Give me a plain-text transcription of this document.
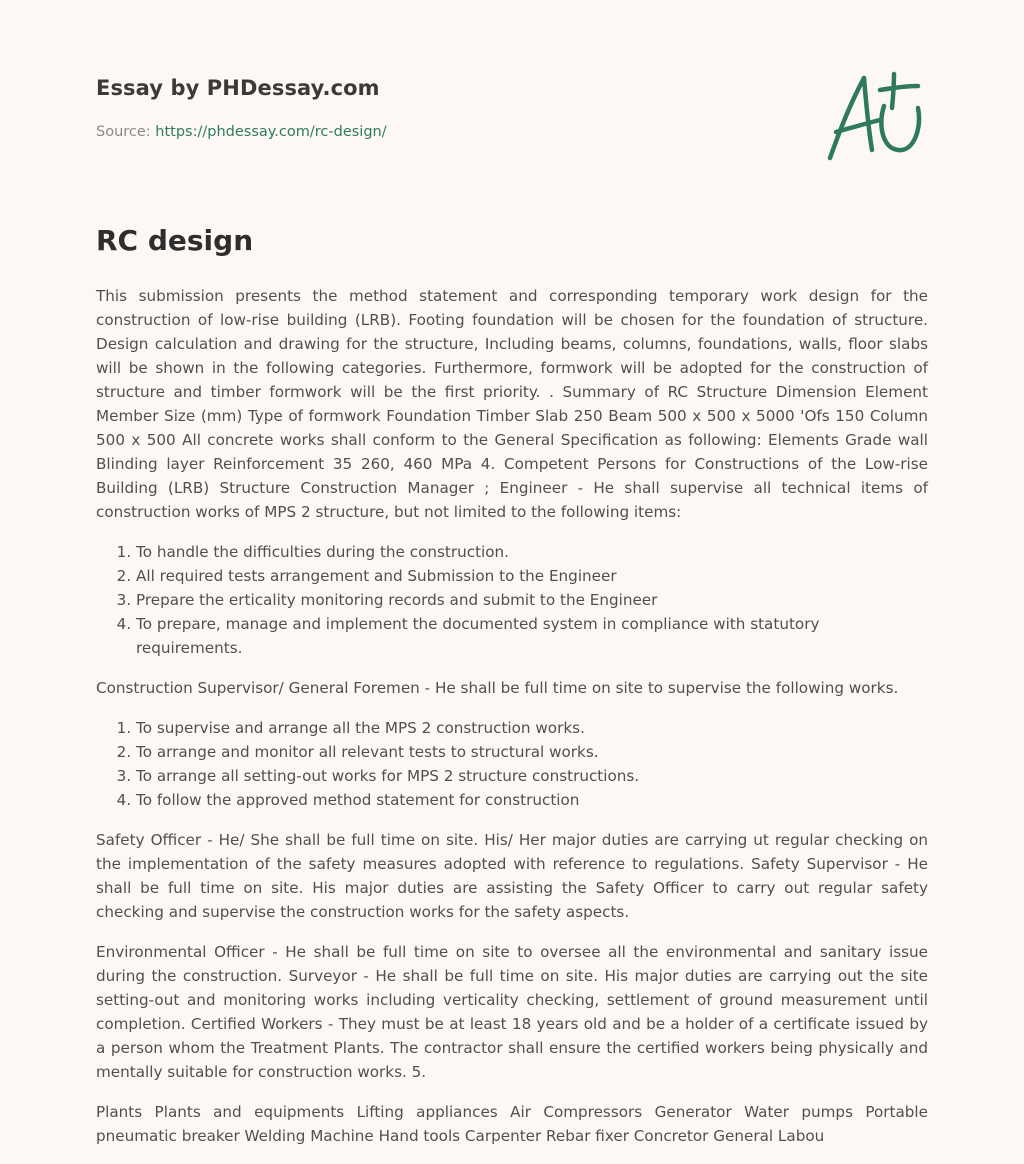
Essay by PHDessay.com
Source: https://phdessay.com/rc-design/
RC design

This submission presents the method statement and corresponding temporary work design for the construction of low-rise building (LRB). Footing foundation will be chosen for the foundation of structure. Design calculation and drawing for the structure, Including beams, columns, foundations, walls, floor slabs will be shown in the following categories. Furthermore, formwork will be adopted for the construction of structure and timber formwork will be the first priority. . Summary of RC Structure Dimension Element Member Size (mm) Type of formwork Foundation Timber Slab 250 Beam 500 x 500 x 5000 'Ofs 150 Column 500 x 500 All concrete works shall conform to the General Specification as following: Elements Grade wall Blinding layer Reinforcement 35 260, 460 MPa 4. Competent Persons for Constructions of the Low-rise Building (LRB) Structure Construction Manager ; Engineer - He shall supervise all technical items of construction works of MPS 2 structure, but not limited to the following items:

1. To handle the difficulties during the construction.
2. All required tests arrangement and Submission to the Engineer
3. Prepare the erticality monitoring records and submit to the Engineer
4. To prepare, manage and implement the documented system in compliance with statutory requirements.

Construction Supervisor/ General Foremen - He shall be full time on site to supervise the following works.

1. To supervise and arrange all the MPS 2 construction works.
2. To arrange and monitor all relevant tests to structural works.
3. To arrange all setting-out works for MPS 2 structure constructions.
4. To follow the approved method statement for construction

Safety Officer - He/ She shall be full time on site. His/ Her major duties are carrying ut regular checking on the implementation of the safety measures adopted with reference to regulations. Safety Supervisor - He shall be full time on site. His major duties are assisting the Safety Officer to carry out regular safety checking and supervise the construction works for the safety aspects.

Environmental Officer - He shall be full time on site to oversee all the environmental and sanitary issue during the construction. Surveyor - He shall be full time on site. His major duties are carrying out the site setting-out and monitoring works including verticality checking, settlement of ground measurement until completion. Certified Workers - They must be at least 18 years old and be a holder of a certificate issued by a person whom the Treatment Plants. The contractor shall ensure the certified workers being physically and mentally suitable for construction works. 5.

Plants Plants and equipments Lifting appliances Air Compressors Generator Water pumps Portable pneumatic breaker Welding Machine Hand tools Carpenter Rebar fixer Concretor General Labou
